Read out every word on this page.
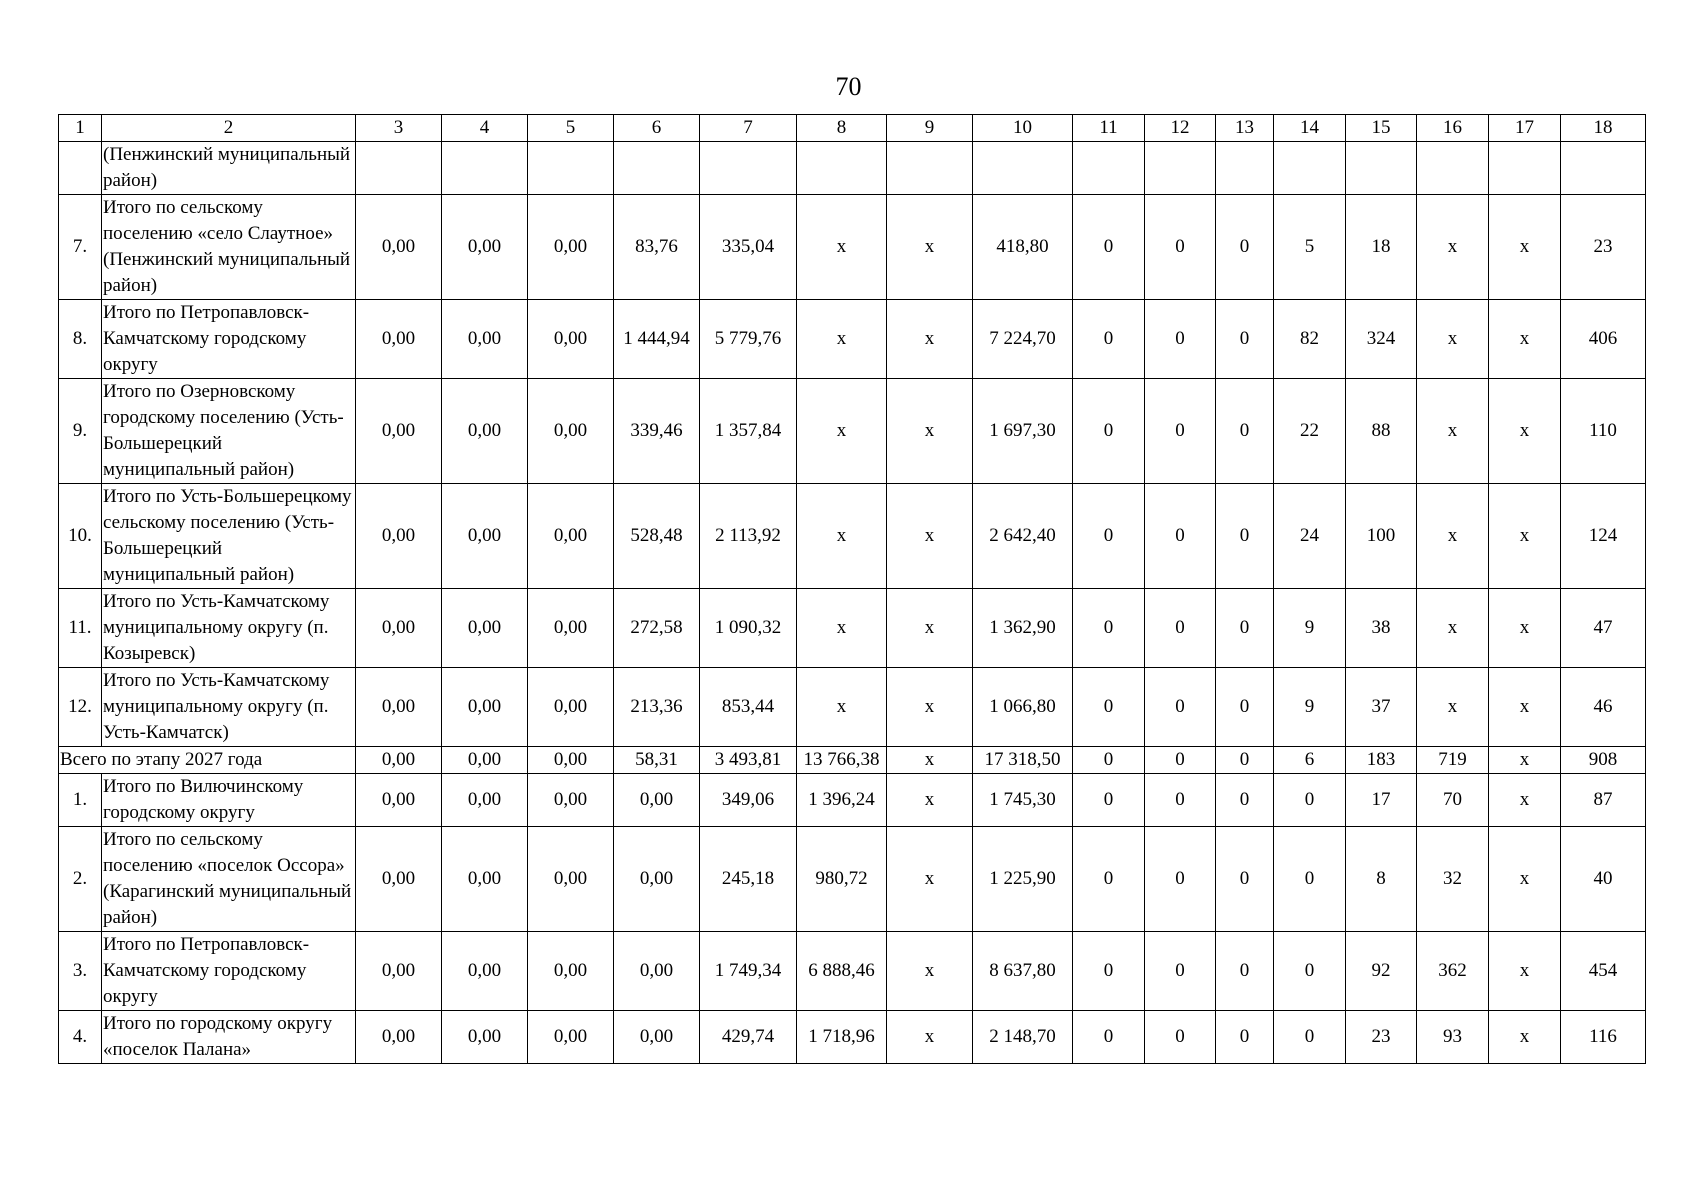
70
1	2	3	4	5	6	7	8	9	10	11	12	13	14	15	16	17	18
	(Пенжинский муниципальный район)																
7.	Итого по сельскому поселению «село Слаутное» (Пенжинский муниципальный район)	0,00	0,00	0,00	83,76	335,04	х	х	418,80	0	0	0	5	18	х	х	23
8.	Итого по Петропавловск-Камчатскому городскому округу	0,00	0,00	0,00	1 444,94	5 779,76	х	х	7 224,70	0	0	0	82	324	х	х	406
9.	Итого по Озерновскому городскому поселению (Усть-Большерецкий муниципальный район)	0,00	0,00	0,00	339,46	1 357,84	х	х	1 697,30	0	0	0	22	88	х	х	110
10.	Итого по Усть-Большерецкому сельскому поселению (Усть-Большерецкий муниципальный район)	0,00	0,00	0,00	528,48	2 113,92	х	х	2 642,40	0	0	0	24	100	х	х	124
11.	Итого по Усть-Камчатскому муниципальному округу (п. Козыревск)	0,00	0,00	0,00	272,58	1 090,32	х	х	1 362,90	0	0	0	9	38	х	х	47
12.	Итого по Усть-Камчатскому муниципальному округу (п. Усть-Камчатск)	0,00	0,00	0,00	213,36	853,44	х	х	1 066,80	0	0	0	9	37	х	х	46
Всего по этапу 2027 года		0,00	0,00	0,00	58,31	3 493,81	13 766,38	х	17 318,50	0	0	0	6	183	719	х	908
1.	Итого по Вилючинскому городскому округу	0,00	0,00	0,00	0,00	349,06	1 396,24	х	1 745,30	0	0	0	0	17	70	х	87
2.	Итого по сельскому поселению «поселок Оссора» (Карагинский муниципальный район)	0,00	0,00	0,00	0,00	245,18	980,72	х	1 225,90	0	0	0	0	8	32	х	40
3.	Итого по Петропавловск-Камчатскому городскому округу	0,00	0,00	0,00	0,00	1 749,34	6 888,46	х	8 637,80	0	0	0	0	92	362	х	454
4.	Итого по городскому округу «поселок Палана»	0,00	0,00	0,00	0,00	429,74	1 718,96	х	2 148,70	0	0	0	0	23	93	х	116
